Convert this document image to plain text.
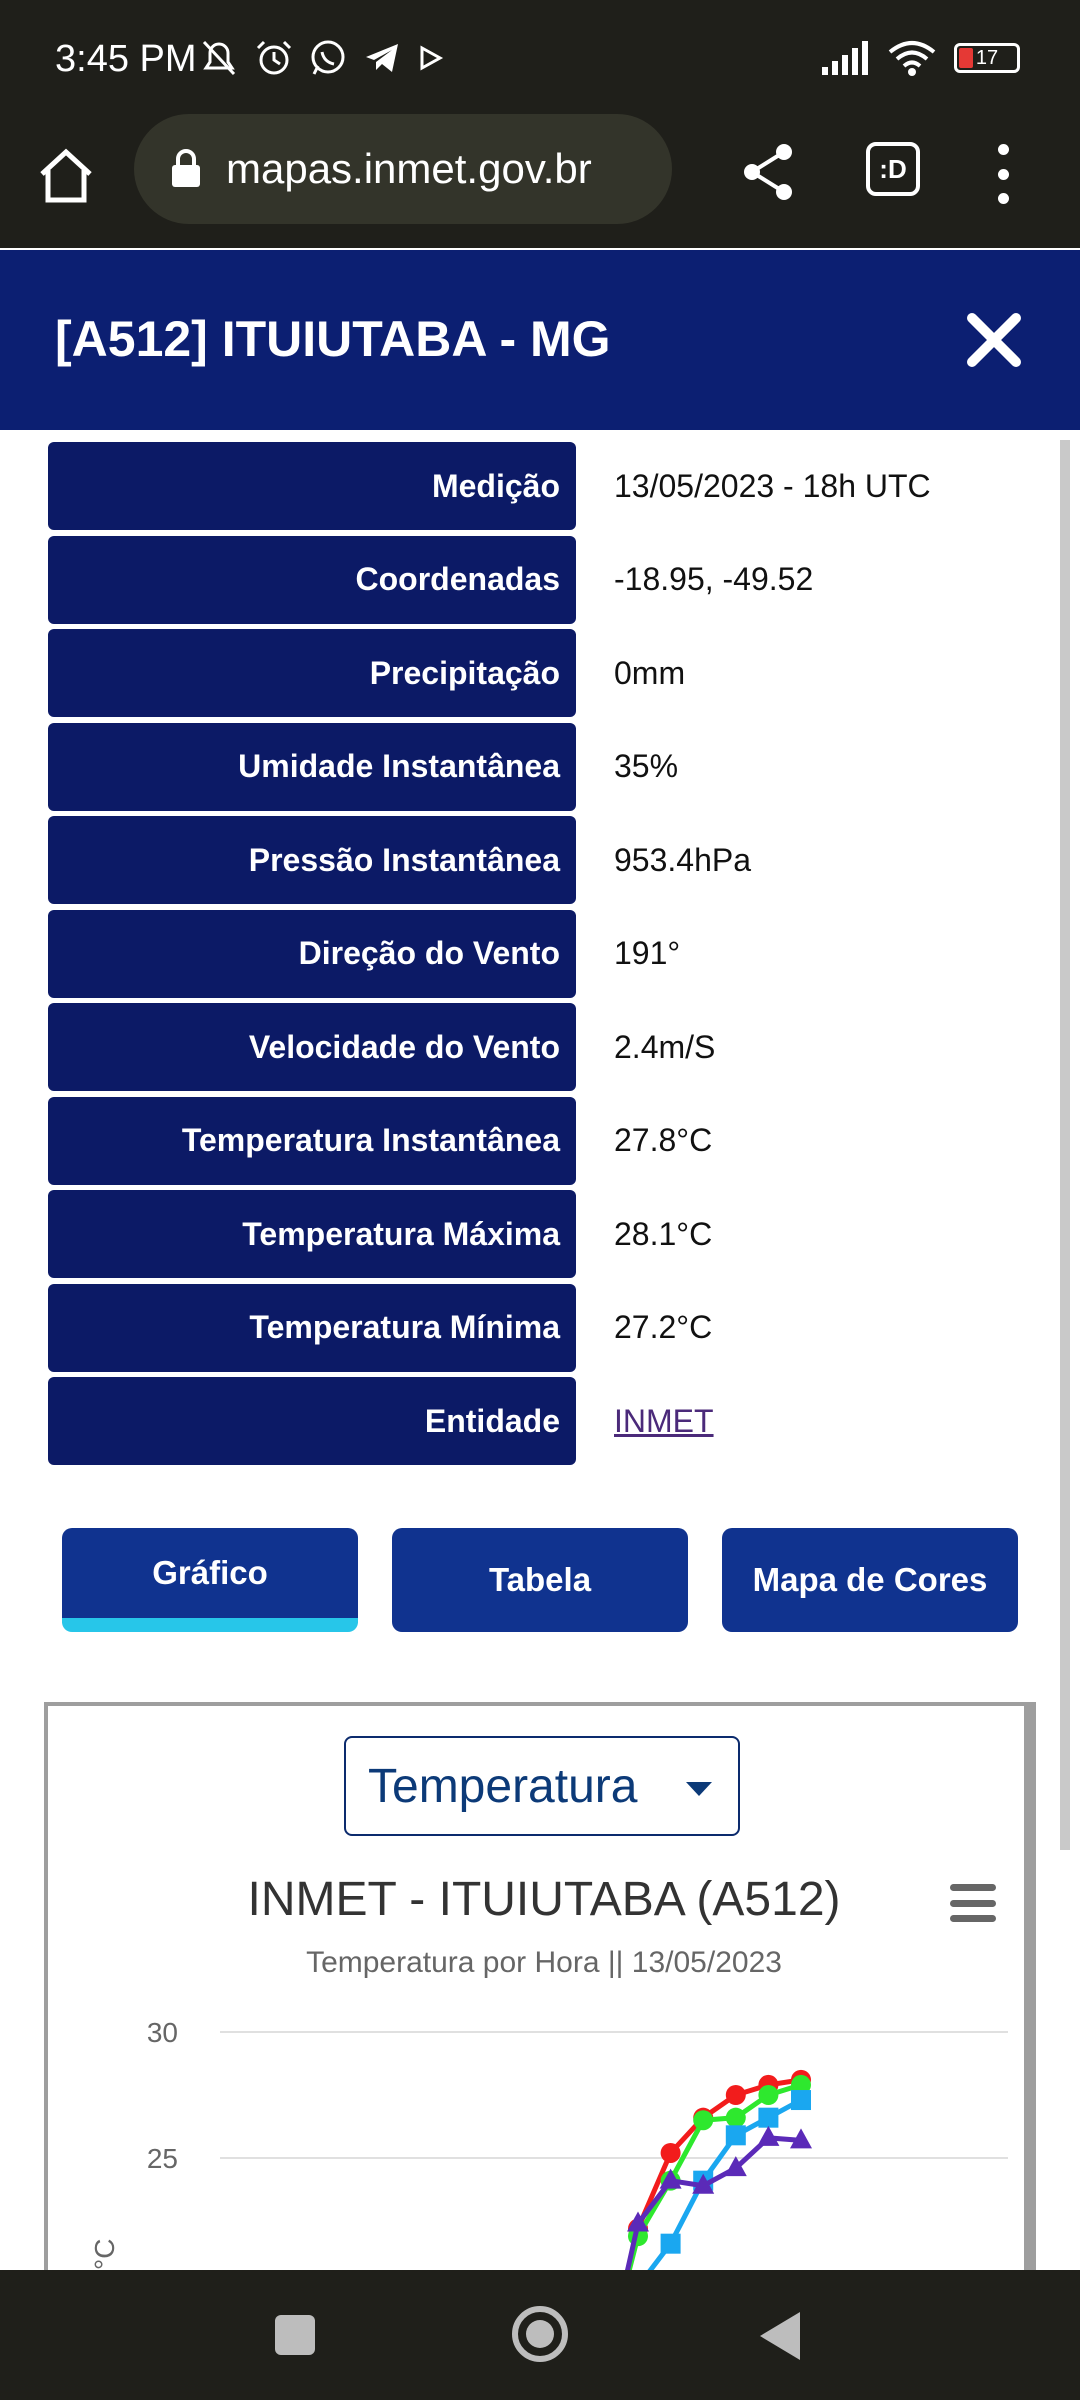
3:45 PM	17
mapas.inmet.gov.br	:D
[A512] ITUIUTABA - MG
Medição	13/05/2023 - 18h UTC
Coordenadas	-18.95, -49.52
Precipitação	0mm
Umidade Instantânea	35%
Pressão Instantânea	953.4hPa
Direção do Vento	191°
Velocidade do Vento	2.4m/S
Temperatura Instantânea	27.8°C
Temperatura Máxima	28.1°C
Temperatura Mínima	27.2°C
Entidade	INMET
Gráfico	Tabela	Mapa de Cores
Temperatura
INMET - ITUIUTABA (A512)
Temperatura por Hora || 13/05/2023
30
25
°C
